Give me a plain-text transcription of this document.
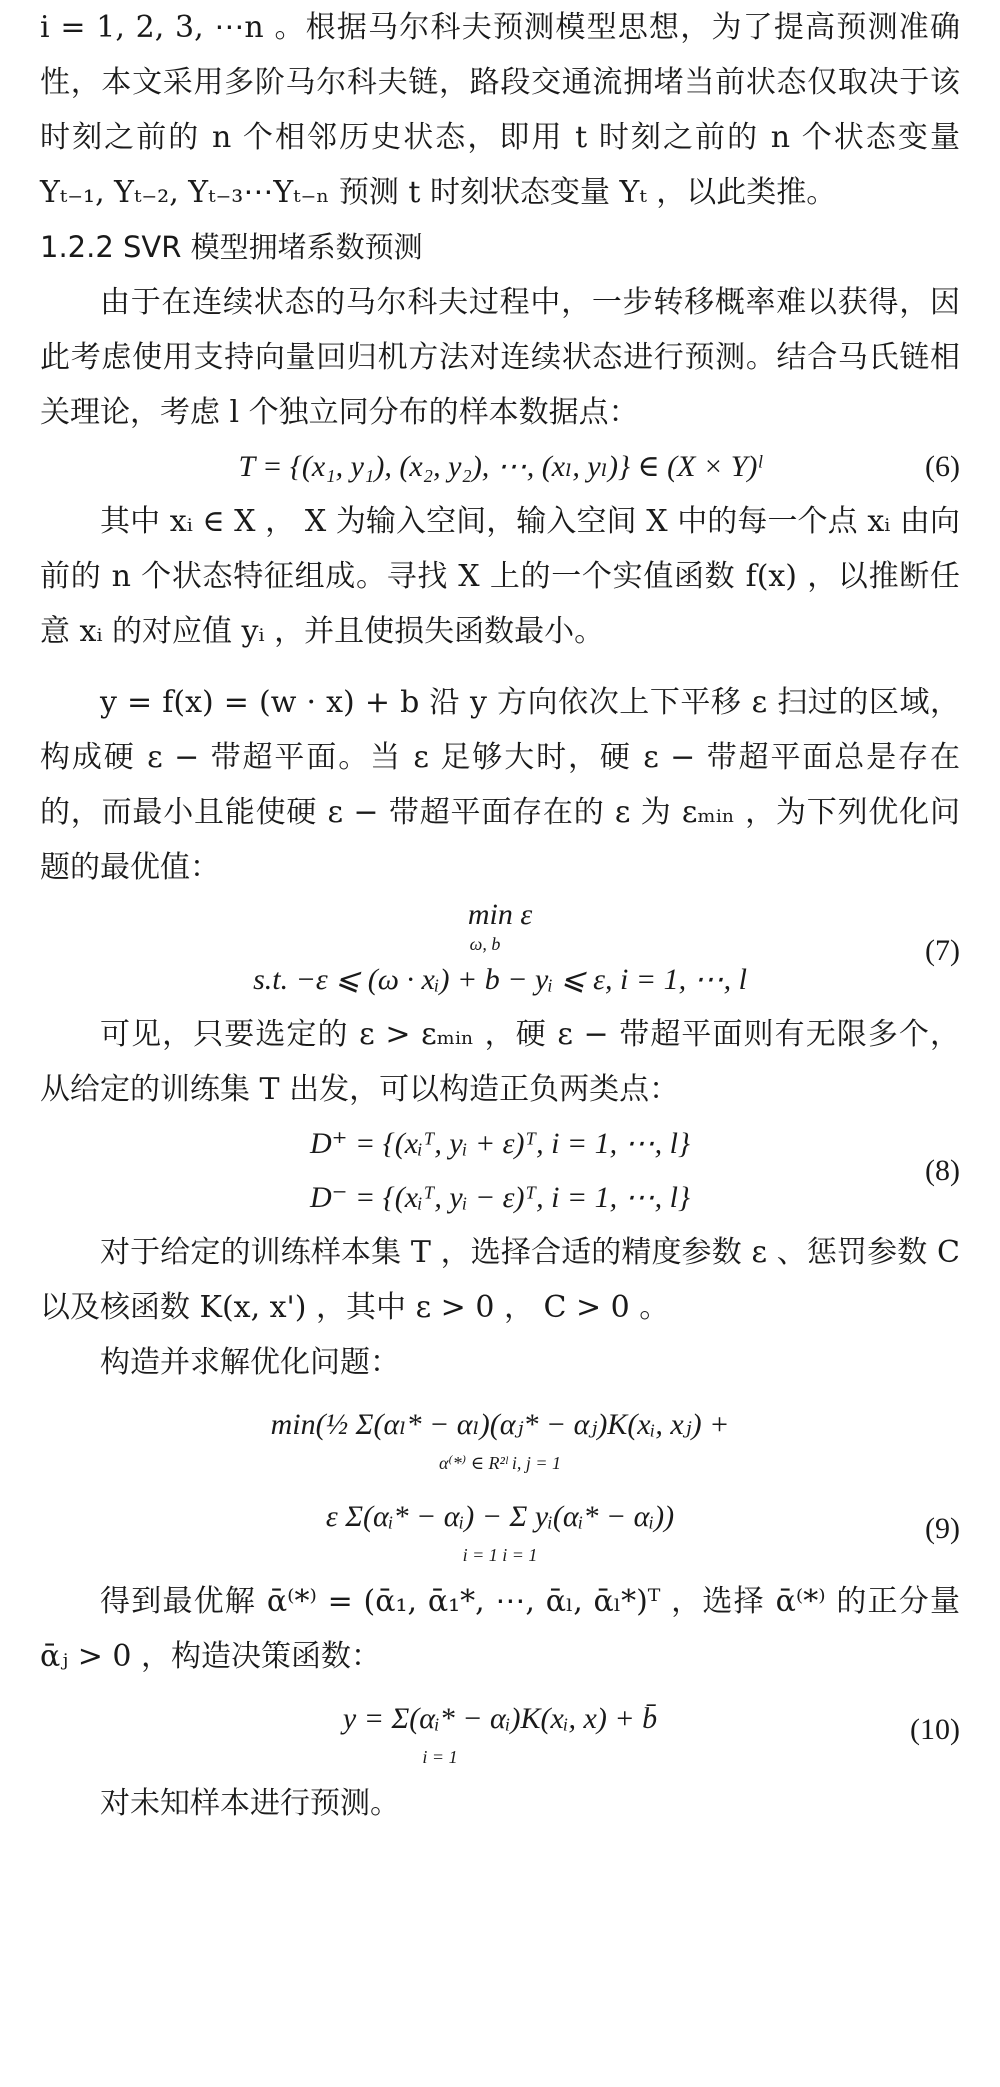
i = 1, 2, 3, ⋯n 。根据马尔科夫预测模型思想，为了提高预测准确性，本文采用多阶马尔科夫链，路段交通流拥堵当前状态仅取决于该时刻之前的 n 个相邻历史状态，即用 t 时刻之前的 n 个状态变量 Yₜ₋₁, Yₜ₋₂, Yₜ₋₃⋯Yₜ₋ₙ 预测 t 时刻状态变量 Yₜ ，以此类推。

1.2.2 SVR 模型拥堵系数预测

由于在连续状态的马尔科夫过程中，一步转移概率难以获得，因此考虑使用支持向量回归机方法对连续状态进行预测。结合马氏链相关理论，考虑 l 个独立同分布的样本数据点：

T = {(x₁, y₁), (x₂, y₂), ⋯, (xₗ, yₗ)} ∈ (X × Y)ˡ	(6)

其中 xᵢ ∈ X ， X 为输入空间，输入空间 X 中的每一个点 xᵢ 由向前的 n 个状态特征组成。寻找 X 上的一个实值函数 f(x) ，以推断任意 xᵢ 的对应值 yᵢ ，并且使损失函数最小。

y = f(x) = (w · x) + b 沿 y 方向依次上下平移 ε 扫过的区域，构成硬 ε − 带超平面。当 ε 足够大时，硬 ε − 带超平面总是存在的，而最小且能使硬 ε − 带超平面存在的 ε 为 εₘᵢₙ ，为下列优化问题的最优值：

min ε
ω, b
s.t. −ε ⩽ (ω · xᵢ) + b − yᵢ ⩽ ε, i = 1, ⋯, l
(7)

可见，只要选定的 ε > εₘᵢₙ ，硬 ε − 带超平面则有无限多个，从给定的训练集 T 出发，可以构造正负两类点：

D⁺ = {(xᵢᵀ, yᵢ + ε)ᵀ, i = 1, ⋯, l}
D⁻ = {(xᵢᵀ, yᵢ − ε)ᵀ, i = 1, ⋯, l}
(8)

对于给定的训练样本集 T ，选择合适的精度参数 ε 、惩罚参数 C 以及核函数 K(x, x') ，其中 ε > 0 ， C > 0 。

构造并求解优化问题：

min(½ Σ(αₗ* − αₗ)(αⱼ* − αⱼ)K(xᵢ, xⱼ) +
α⁽*⁾ ∈ R²ˡ i, j = 1
ε Σ(αᵢ* − αᵢ) − Σ yᵢ(αᵢ* − αᵢ))
i = 1 i = 1
(9)

得到最优解 ᾱ⁽*⁾ = (ᾱ₁, ᾱ₁*, ⋯, ᾱₗ, ᾱₗ*)ᵀ ，选择 ᾱ⁽*⁾ 的正分量 ᾱⱼ > 0 ，构造决策函数：

y = Σ(αᵢ* − αᵢ)K(xᵢ, x) + b̄
i = 1
(10)

对未知样本进行预测。
